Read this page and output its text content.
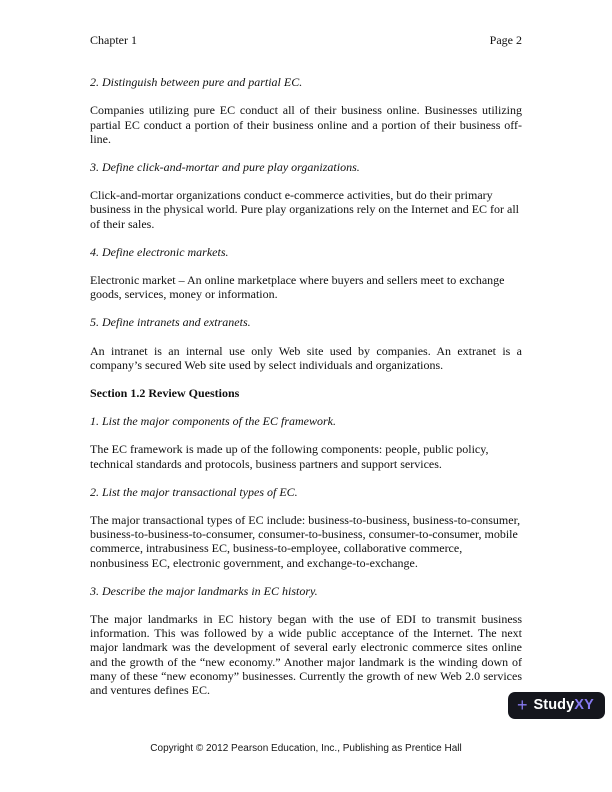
Chapter 1	Page 2

2. Distinguish between pure and partial EC.

Companies utilizing pure EC conduct all of their business online. Businesses utilizing partial EC conduct a portion of their business online and a portion of their business off-line.

3. Define click-and-mortar and pure play organizations.

Click-and-mortar organizations conduct e-commerce activities, but do their primary business in the physical world. Pure play organizations rely on the Internet and EC for all of their sales.

4. Define electronic markets.

Electronic market – An online marketplace where buyers and sellers meet to exchange goods, services, money or information.

5. Define intranets and extranets.

An intranet is an internal use only Web site used by companies. An extranet is a company’s secured Web site used by select individuals and organizations.

Section 1.2 Review Questions

1. List the major components of the EC framework.

The EC framework is made up of the following components: people, public policy, technical standards and protocols, business partners and support services.

2. List the major transactional types of EC.

The major transactional types of EC include: business-to-business, business-to-consumer, business-to-business-to-consumer, consumer-to-business, consumer-to-consumer, mobile commerce, intrabusiness EC, business-to-employee, collaborative commerce, nonbusiness EC, electronic government, and exchange-to-exchange.

3. Describe the major landmarks in EC history.

The major landmarks in EC history began with the use of EDI to transmit business information. This was followed by a wide public acceptance of the Internet. The next major landmark was the development of several early electronic commerce sites online and the growth of the “new economy.” Another major landmark is the winding down of many of these “new economy” businesses. Currently the growth of new Web 2.0 services and ventures defines EC.

+ StudyXY
Copyright © 2012 Pearson Education, Inc., Publishing as Prentice Hall
